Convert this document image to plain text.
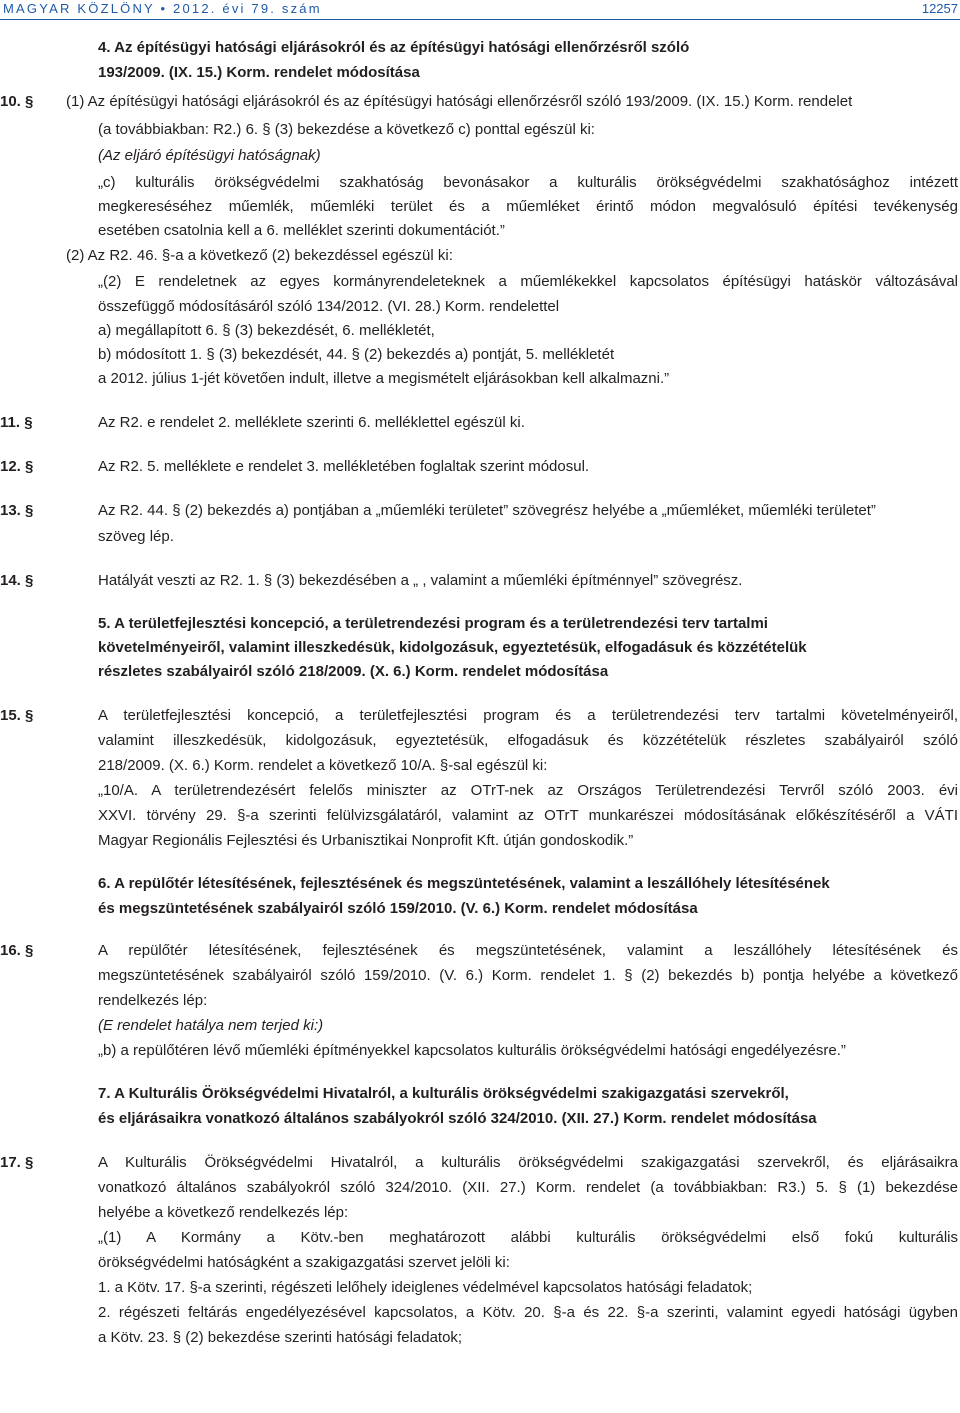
MAGYAR KÖZLÖNY • 2012. évi 79. szám	12257
4. Az építésügyi hatósági eljárásokról és az építésügyi hatósági ellenőrzésről szóló
193/2009. (IX. 15.) Korm. rendelet módosítása
10. § (1) Az építésügyi hatósági eljárásokról és az építésügyi hatósági ellenőrzésről szóló 193/2009. (IX. 15.) Korm. rendelet
(a továbbiakban: R2.) 6. § (3) bekezdése a következő c) ponttal egészül ki:
(Az eljáró építésügyi hatóságnak)
„c) kulturális örökségvédelmi szakhatóság bevonásakor a kulturális örökségvédelmi szakhatósághoz intézett
megkereséséhez műemlék, műemléki terület és a műemléket érintő módon megvalósuló építési tevékenység
esetében csatolnia kell a 6. melléklet szerinti dokumentációt.”
(2) Az R2. 46. §-a a következő (2) bekezdéssel egészül ki:
„(2) E rendeletnek az egyes kormányrendeleteknek a műemlékekkel kapcsolatos építésügyi hatáskör változásával
összefüggő módosításáról szóló 134/2012. (VI. 28.) Korm. rendelettel
a) megállapított 6. § (3) bekezdését, 6. mellékletét,
b) módosított 1. § (3) bekezdését, 44. § (2) bekezdés a) pontját, 5. mellékletét
a 2012. július 1-jét követően indult, illetve a megismételt eljárásokban kell alkalmazni.”
11. §	Az R2. e rendelet 2. melléklete szerinti 6. melléklettel egészül ki.
12. §	Az R2. 5. melléklete e rendelet 3. mellékletében foglaltak szerint módosul.
13. §	Az R2. 44. § (2) bekezdés a) pontjában a „műemléki területet” szövegrész helyébe a „műemléket, műemléki területet”
szöveg lép.
14. §	Hatályát veszti az R2. 1. § (3) bekezdésében a „ , valamint a műemléki építménnyel” szövegrész.
5. A területfejlesztési koncepció, a területrendezési program és a területrendezési terv tartalmi
követelményeiről, valamint illeszkedésük, kidolgozásuk, egyeztetésük, elfogadásuk és közzétételük
részletes szabályairól szóló 218/2009. (X. 6.) Korm. rendelet módosítása
15. §	A területfejlesztési koncepció, a területfejlesztési program és a területrendezési terv tartalmi követelményeiről,
valamint illeszkedésük, kidolgozásuk, egyeztetésük, elfogadásuk és közzétételük részletes szabályairól szóló
218/2009. (X. 6.) Korm. rendelet a következő 10/A. §-sal egészül ki:
„10/A. A területrendezésért felelős miniszter az OTrT-nek az Országos Területrendezési Tervről szóló 2003. évi
XXVI. törvény 29. §-a szerinti felülvizsgálatáról, valamint az OTrT munkarészei módosításának előkészítéséről a VÁTI
Magyar Regionális Fejlesztési és Urbanisztikai Nonprofit Kft. útján gondoskodik.”
6. A repülőtér létesítésének, fejlesztésének és megszüntetésének, valamint a leszállóhely létesítésének
és megszüntetésének szabályairól szóló 159/2010. (V. 6.) Korm. rendelet módosítása
16. §	A repülőtér létesítésének, fejlesztésének és megszüntetésének, valamint a leszállóhely létesítésének és
megszüntetésének szabályairól szóló 159/2010. (V. 6.) Korm. rendelet 1. § (2) bekezdés b) pontja helyébe a következő
rendelkezés lép:
(E rendelet hatálya nem terjed ki:)
„b) a repülőtéren lévő műemléki építményekkel kapcsolatos kulturális örökségvédelmi hatósági engedélyezésre.”
7. A Kulturális Örökségvédelmi Hivatalról, a kulturális örökségvédelmi szakigazgatási szervekről,
és eljárásaikra vonatkozó általános szabályokról szóló 324/2010. (XII. 27.) Korm. rendelet módosítása
17. §	A Kulturális Örökségvédelmi Hivatalról, a kulturális örökségvédelmi szakigazgatási szervekről, és eljárásaikra
vonatkozó általános szabályokról szóló 324/2010. (XII. 27.) Korm. rendelet (a továbbiakban: R3.) 5. § (1) bekezdése
helyébe a következő rendelkezés lép:
„(1) A Kormány a Kötv.-ben meghatározott alábbi kulturális örökségvédelmi első fokú kulturális
örökségvédelmi hatóságként a szakigazgatási szervet jelöli ki:
1. a Kötv. 17. §-a szerinti, régészeti lelőhely ideiglenes védelmével kapcsolatos hatósági feladatok;
2. régészeti feltárás engedélyezésével kapcsolatos, a Kötv. 20. §-a és 22. §-a szerinti, valamint egyedi hatósági ügyben
a Kötv. 23. § (2) bekezdése szerinti hatósági feladatok;
